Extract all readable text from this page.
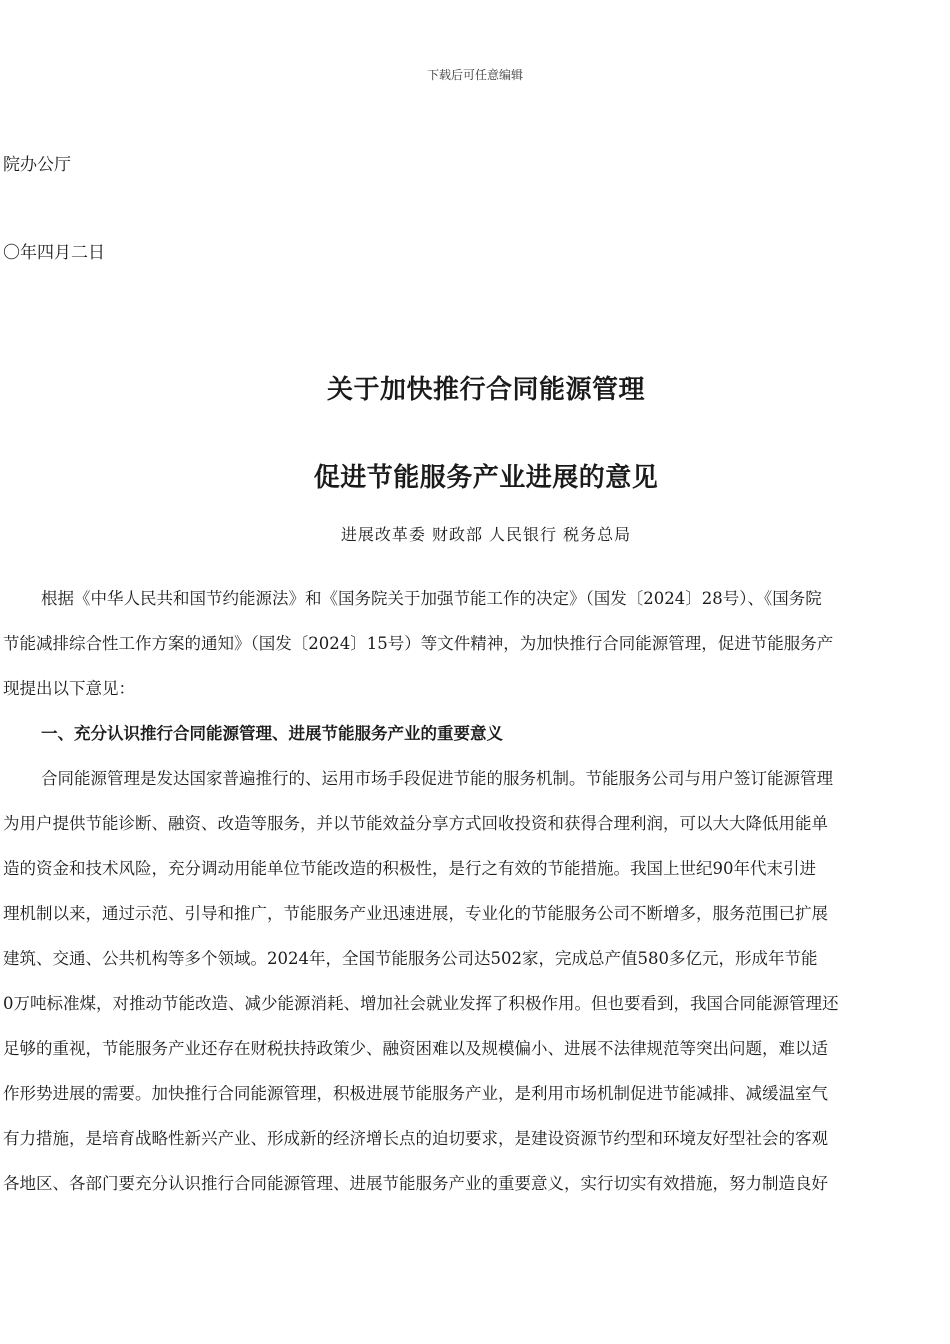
下载后可任意编辑
院办公厅
〇年四月二日
关于加快推行合同能源管理
促进节能服务产业进展的意见
进展改革委 财政部 人民银行 税务总局
根据《中华人民共和国节约能源法》和《国务院关于加强节能工作的决定》（国发〔2024〕28号）、《国务院
节能减排综合性工作方案的通知》（国发〔2024〕15号）等文件精神，为加快推行合同能源管理，促进节能服务产
现提出以下意见：
一、充分认识推行合同能源管理、进展节能服务产业的重要意义
合同能源管理是发达国家普遍推行的、运用市场手段促进节能的服务机制。节能服务公司与用户签订能源管理
为用户提供节能诊断、融资、改造等服务，并以节能效益分享方式回收投资和获得合理利润，可以大大降低用能单
造的资金和技术风险，充分调动用能单位节能改造的积极性，是行之有效的节能措施。我国上世纪90年代末引进
理机制以来，通过示范、引导和推广，节能服务产业迅速进展，专业化的节能服务公司不断增多，服务范围已扩展
建筑、交通、公共机构等多个领域。2024年，全国节能服务公司达502家，完成总产值580多亿元，形成年节能
0万吨标准煤，对推动节能改造、减少能源消耗、增加社会就业发挥了积极作用。但也要看到，我国合同能源管理还
足够的重视，节能服务产业还存在财税扶持政策少、融资困难以及规模偏小、进展不法律规范等突出问题，难以适
作形势进展的需要。加快推行合同能源管理，积极进展节能服务产业，是利用市场机制促进节能减排、减缓温室气
有力措施，是培育战略性新兴产业、形成新的经济增长点的迫切要求，是建设资源节约型和环境友好型社会的客观
各地区、各部门要充分认识推行合同能源管理、进展节能服务产业的重要意义，实行切实有效措施，努力制造良好
